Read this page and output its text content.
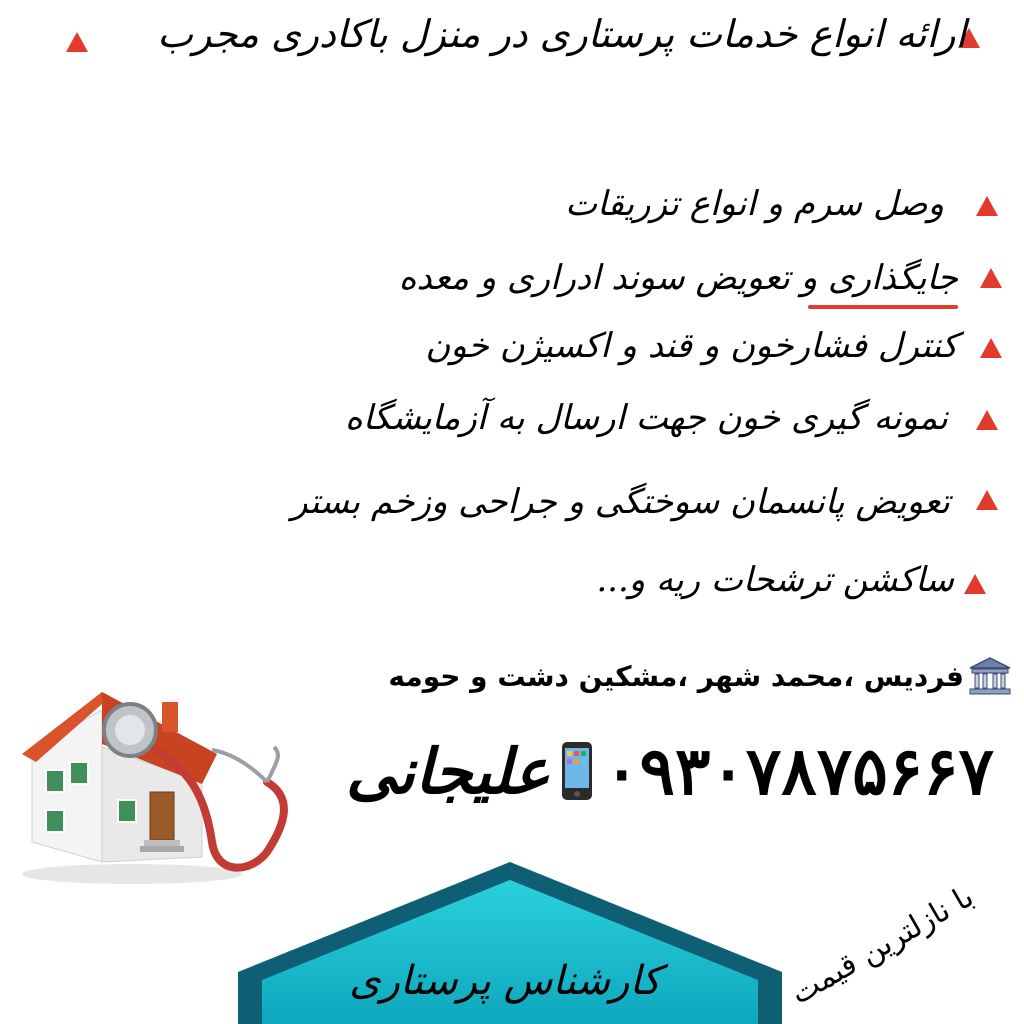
ارائه انواع خدمات پرستاری در منزل باکادری مجرب
وصل سرم و انواع تزریقات
جایگذاری و تعویض سوند ادراری و معده
کنترل فشارخون و قند و اکسیژن خون
نمونه گیری خون جهت ارسال به آزمایشگاه
تعویض پانسمان سوختگی و جراحی وزخم بستر
ساکشن ترشحات ریه و...
فردیس ،محمد شهر ،مشکین دشت و حومه
۰۹۳۰۷۸۷۵۶۶۷
علیجانی
با نازلترین قیمت
کارشناس پرستاری
